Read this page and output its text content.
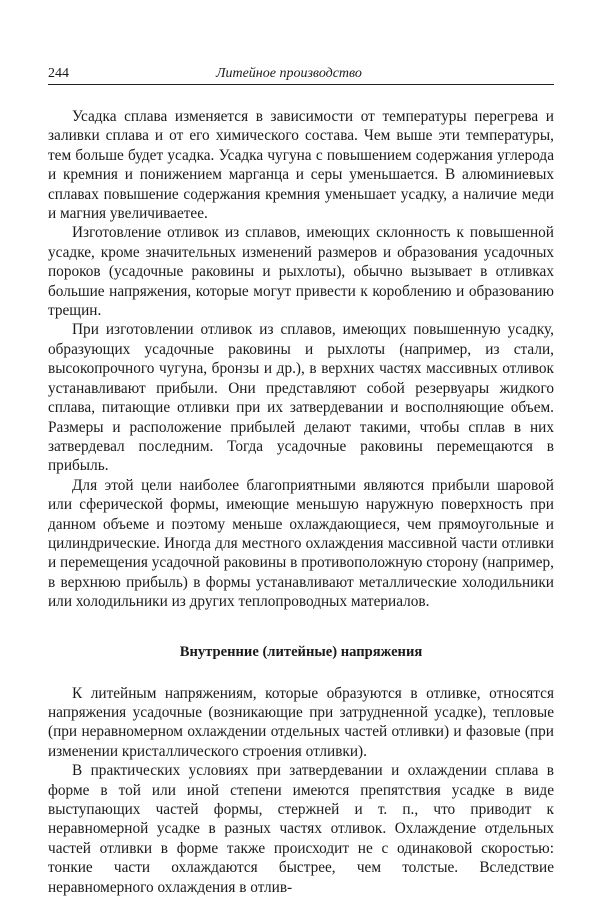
244	Литейное производство

Усадка сплава изменяется в зависимости от температуры перегрева и заливки сплава и от его химического состава. Чем выше эти температуры, тем больше будет усадка. Усадка чугуна с повышением содержания углерода и кремния и понижением марганца и серы уменьшается. В алюминиевых сплавах повышение содержания кремния уменьшает усадку, а наличие меди и магния увеличиваетее.

Изготовление отливок из сплавов, имеющих склонность к повышенной усадке, кроме значительных изменений размеров и образования усадочных пороков (усадочные раковины и рыхлоты), обычно вызывает в отливках большие напряжения, которые могут привести к короблению и образованию трещин.

При изготовлении отливок из сплавов, имеющих повышенную усадку, образующих усадочные раковины и рыхлоты (например, из стали, высокопрочного чугуна, бронзы и др.), в верхних частях массивных отливок устанавливают прибыли. Они представляют собой резервуары жидкого сплава, питающие отливки при их затвердевании и восполняющие объем. Размеры и расположение прибылей делают такими, чтобы сплав в них затвердевал последним. Тогда усадочные раковины перемещаются в прибыль.

Для этой цели наиболее благоприятными являются прибыли шаровой или сферической формы, имеющие меньшую наружную поверхность при данном объеме и поэтому меньше охлаждающиеся, чем прямоугольные и цилиндрические. Иногда для местного охлаждения массивной части отливки и перемещения усадочной раковины в противоположную сторону (например, в верхнюю прибыль) в формы устанавливают металлические холодильники или холодильники из других теплопроводных материалов.

Внутренние (литейные) напряжения

К литейным напряжениям, которые образуются в отливке, относятся напряжения усадочные (возникающие при затрудненной усадке), тепловые (при неравномерном охлаждении отдельных частей отливки) и фазовые (при изменении кристаллического строения отливки).

В практических условиях при затвердевании и охлаждении сплава в форме в той или иной степени имеются препятствия усадке в виде выступающих частей формы, стержней и т. п., что приводит к неравномерной усадке в разных частях отливок. Охлаждение отдельных частей отливки в форме также происходит не с одинаковой скоростью: тонкие части охлаждаются быстрее, чем толстые. Вследствие неравномерного охлаждения в отлив-
